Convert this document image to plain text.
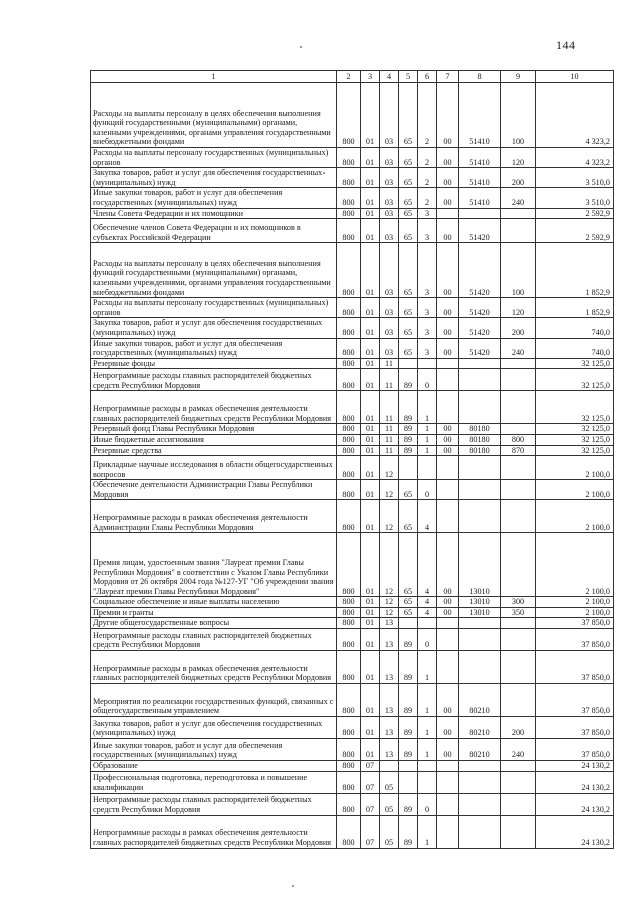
144
1	2	3	4	5	6	7	8	9	10
Расходы на выплаты персоналу в целях обеспечения выполнения функций государственными (муниципальными) органами, казенными учреждениями, органами управления государственными внебюджетными фондами	800	01	03	65	2	00	51410	100	4 323,2
Расходы на выплаты персоналу государственных (муниципальных) органов	800	01	03	65	2	00	51410	120	4 323,2
Закупка товаров, работ и услуг для обеспечения государственных (муниципальных) нужд	800	01	03	65	2	00	51410	200	3 510,0
Иные закупки товаров, работ и услуг для обеспечения государственных (муниципальных) нужд	800	01	03	65	2	00	51410	240	3 510,0
Члены Совета Федерации и их помощники	800	01	03	65	3				2 592,9
Обеспечение членов Совета Федерации и их помощников в субъектах Российской Федерации	800	01	03	65	3	00	51420		2 592,9
Расходы на выплаты персоналу в целях обеспечения выполнения функций государственными (муниципальными) органами, казенными учреждениями, органами управления государственными внебюджетными фондами	800	01	03	65	3	00	51420	100	1 852,9
Расходы на выплаты персоналу государственных (муниципальных) органов	800	01	03	65	3	00	51420	120	1 852,9
Закупка товаров, работ и услуг для обеспечения государственных (муниципальных) нужд	800	01	03	65	3	00	51420	200	740,0
Иные закупки товаров, работ и услуг для обеспечения государственных (муниципальных) нужд	800	01	03	65	3	00	51420	240	740,0
Резервные фонды	800	01	11						32 125,0
Непрограммные расходы главных распорядителей бюджетных средств Республики Мордовия	800	01	11	89	0				32 125,0
Непрограммные расходы в рамках обеспечения деятельности главных распорядителей бюджетных средств Республики Мордовия	800	01	11	89	1				32 125,0
Резервный фонд Главы Республики Мордовия	800	01	11	89	1	00	80180		32 125,0
Иные бюджетные ассигнования	800	01	11	89	1	00	80180	800	32 125,0
Резервные средства	800	01	11	89	1	00	80180	870	32 125,0
Прикладные научные исследования в области общегосударственных вопросов	800	01	12						2 100,0
Обеспечение деятельности Администрации Главы Республики Мордовия	800	01	12	65	0				2 100,0
Непрограммные расходы в рамках обеспечения деятельности Администрации Главы Республики Мордовия	800	01	12	65	4				2 100,0
Премия лицам, удостоенным звания "Лауреат премии Главы Республики Мордовия" в соответствии с Указом Главы Республики Мордовия от 26 октября 2004 года №127-УГ "Об учреждении звания "Лауреат премии Главы Республики Мордовия"	800	01	12	65	4	00	13010		2 100,0
Социальное обеспечение и иные выплаты населению	800	01	12	65	4	00	13010	300	2 100,0
Премии и гранты	800	01	12	65	4	00	13010	350	2 100,0
Другие общегосударственные вопросы	800	01	13						37 850,0
Непрограммные расходы главных распорядителей бюджетных средств Республики Мордовия	800	01	13	89	0				37 850,0
Непрограммные расходы в рамках обеспечения деятельности главных распорядителей бюджетных средств Республики Мордовия	800	01	13	89	1				37 850,0
Мероприятия по реализации государственных функций, связанных с общегосударственным управлением	800	01	13	89	1	00	80210		37 850,0
Закупка товаров, работ и услуг для обеспечения государственных (муниципальных) нужд	800	01	13	89	1	00	80210	200	37 850,0
Иные закупки товаров, работ и услуг для обеспечения государственных (муниципальных) нужд	800	01	13	89	1	00	80210	240	37 850,0
Образование	800	07							24 130,2
Профессиональная подготовка, переподготовка и повышение квалификации	800	07	05						24 130,2
Непрограммные расходы главных распорядителей бюджетных средств Республики Мордовия	800	07	05	89	0				24 130,2
Непрограммные расходы в рамках обеспечения деятельности главных распорядителей бюджетных средств Республики Мордовия	800	07	05	89	1				24 130,2
